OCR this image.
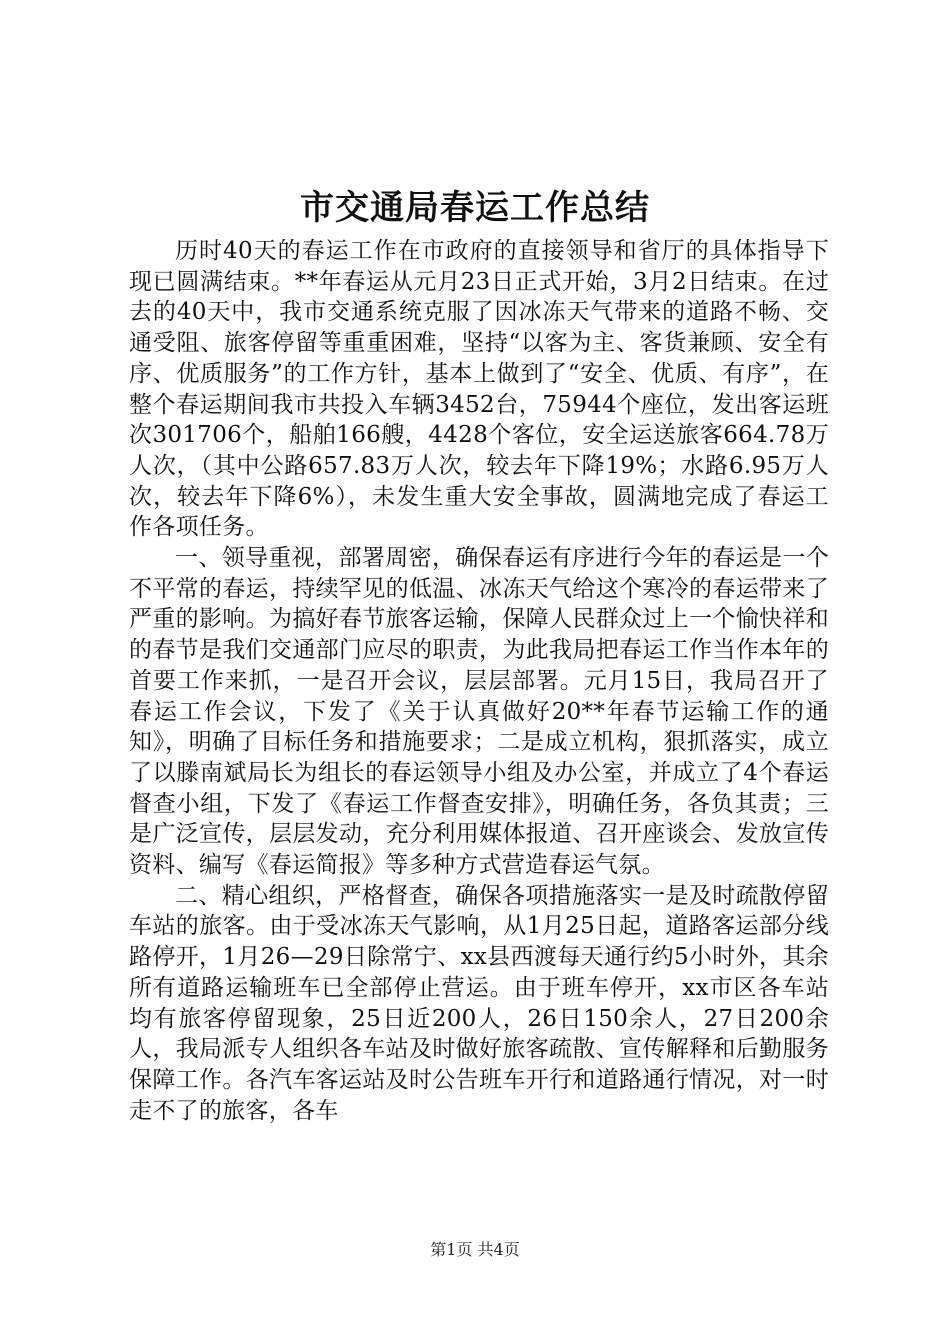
市交通局春运工作总结

历时40天的春运工作在市政府的直接领导和省厅的具体指导下现已圆满结束。**年春运从元月23日正式开始，3月2日结束。在过去的40天中，我市交通系统克服了因冰冻天气带来的道路不畅、交通受阻、旅客停留等重重困难，坚持“以客为主、客货兼顾、安全有序、优质服务”的工作方针，基本上做到了“安全、优质、有序”，在整个春运期间我市共投入车辆3452台，75944个座位，发出客运班次301706个，船舶166艘，4428个客位，安全运送旅客664.78万人次，（其中公路657.83万人次，较去年下降19%；水路6.95万人次，较去年下降6%），未发生重大安全事故，圆满地完成了春运工作各项任务。

一、领导重视，部署周密，确保春运有序进行今年的春运是一个不平常的春运，持续罕见的低温、冰冻天气给这个寒冷的春运带来了严重的影响。为搞好春节旅客运输，保障人民群众过上一个愉快祥和的春节是我们交通部门应尽的职责，为此我局把春运工作当作本年的首要工作来抓，一是召开会议，层层部署。元月15日，我局召开了春运工作会议，下发了《关于认真做好20**年春节运输工作的通知》，明确了目标任务和措施要求；二是成立机构，狠抓落实，成立了以滕南斌局长为组长的春运领导小组及办公室，并成立了4个春运督查小组，下发了《春运工作督查安排》，明确任务，各负其责；三是广泛宣传，层层发动，充分利用媒体报道、召开座谈会、发放宣传资料、编写《春运简报》等多种方式营造春运气氛。

二、精心组织，严格督查，确保各项措施落实一是及时疏散停留车站的旅客。由于受冰冻天气影响，从1月25日起，道路客运部分线路停开，1月26—29日除常宁、xx县西渡每天通行约5小时外，其余所有道路运输班车已全部停止营运。由于班车停开，xx市区各车站均有旅客停留现象，25日近200人，26日150余人，27日200余人，我局派专人组织各车站及时做好旅客疏散、宣传解释和后勤服务保障工作。各汽车客运站及时公告班车开行和道路通行情况，对一时走不了的旅客，各车

第1页 共4页
